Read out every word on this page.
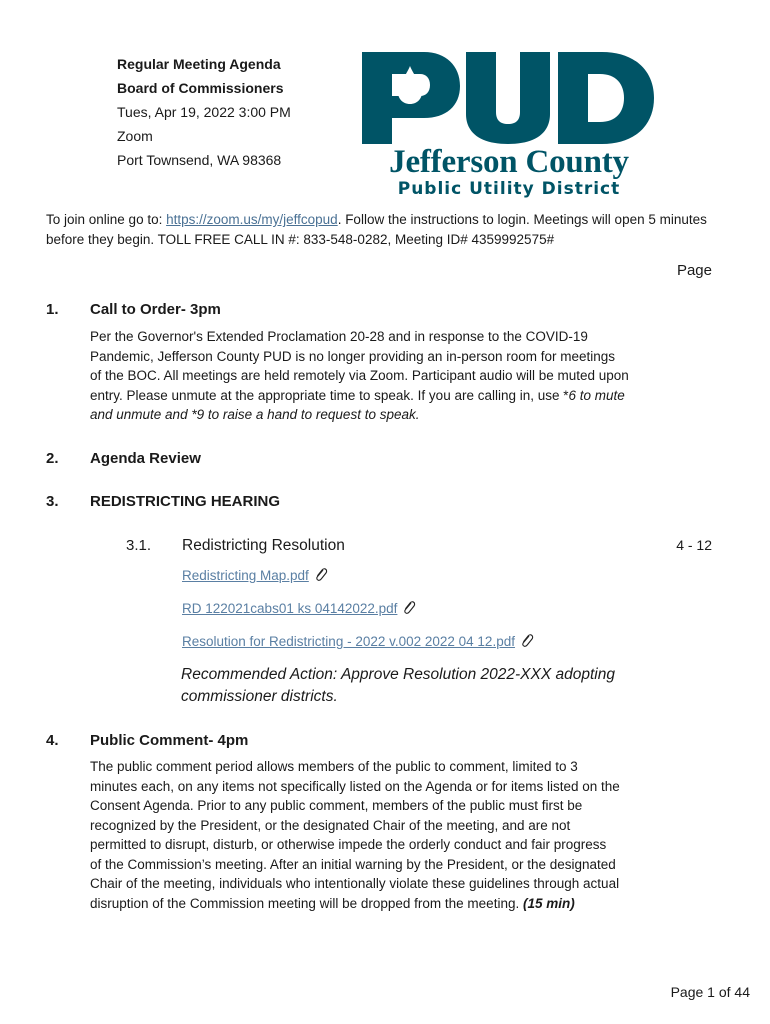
Regular Meeting Agenda
Board of Commissioners
Tues, Apr 19, 2022 3:00 PM
Zoom
Port Townsend, WA 98368	Jefferson County
Public Utility District
To join online go to: https://zoom.us/my/jeffcopud. Follow the instructions to login. Meetings will open 5 minutes before they begin. TOLL FREE CALL IN #: 833-548-0282, Meeting ID# 4359992575#
Page
1. Call to Order- 3pm
Per the Governor's Extended Proclamation 20-28 and in response to the COVID-19 Pandemic, Jefferson County PUD is no longer providing an in-person room for meetings of the BOC. All meetings are held remotely via Zoom. Participant audio will be muted upon entry. Please unmute at the appropriate time to speak. If you are calling in, use *6 to mute and unmute and *9 to raise a hand to request to speak.
2. Agenda Review
3. REDISTRICTING HEARING
3.1. Redistricting Resolution	4 - 12
Redistricting Map.pdf
RD 122021cabs01 ks 04142022.pdf
Resolution for Redistricting - 2022 v.002 2022 04 12.pdf
Recommended Action: Approve Resolution 2022-XXX adopting commissioner districts.
4. Public Comment- 4pm
The public comment period allows members of the public to comment, limited to 3 minutes each, on any items not specifically listed on the Agenda or for items listed on the Consent Agenda. Prior to any public comment, members of the public must first be recognized by the President, or the designated Chair of the meeting, and are not permitted to disrupt, disturb, or otherwise impede the orderly conduct and fair progress of the Commission’s meeting. After an initial warning by the President, or the designated Chair of the meeting, individuals who intentionally violate these guidelines through actual disruption of the Commission meeting will be dropped from the meeting. (15 min)
Page 1 of 44
